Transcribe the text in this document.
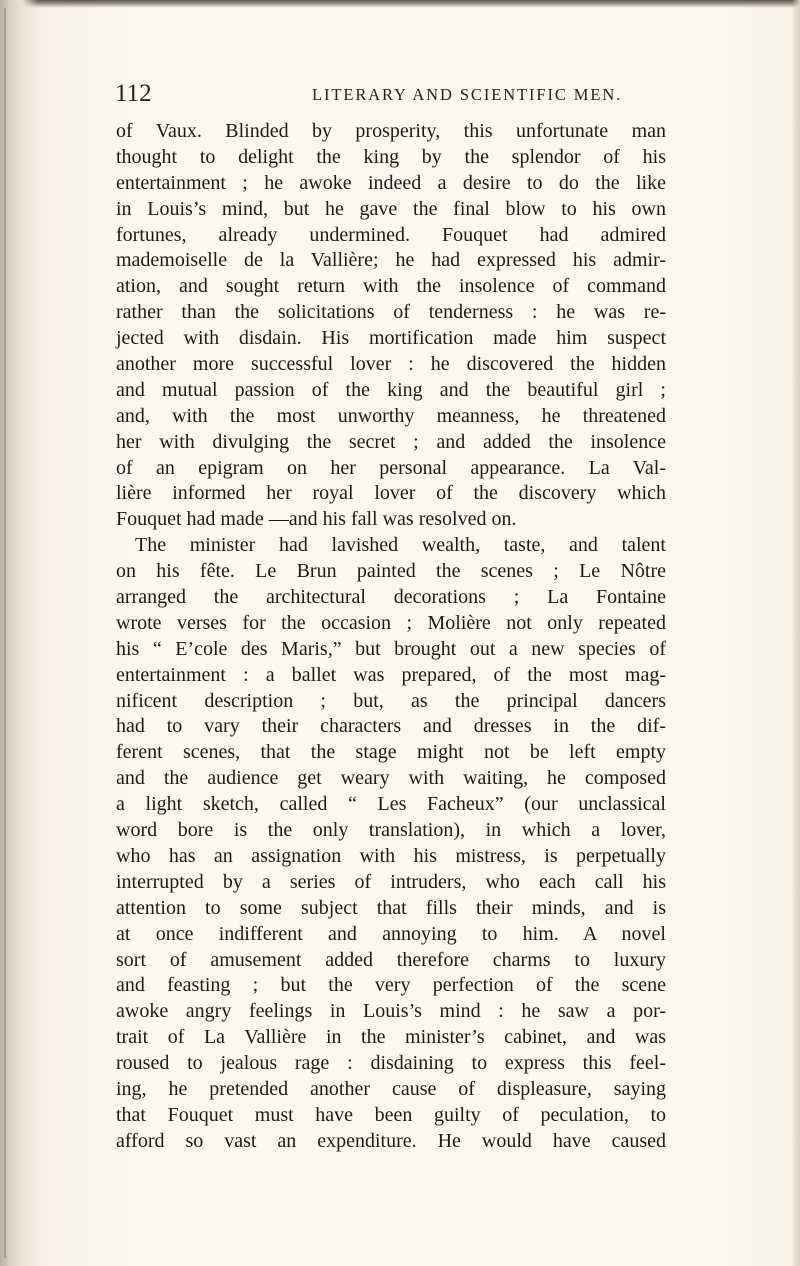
112	LITERARY AND SCIENTIFIC MEN.
of Vaux. Blinded by prosperity, this unfortunate man
thought to delight the king by the splendor of his
entertainment ; he awoke indeed a desire to do the like
in Louis’s mind, but he gave the final blow to his own
fortunes, already undermined. Fouquet had admired
mademoiselle de la Vallière; he had expressed his admir-
ation, and sought return with the insolence of command
rather than the solicitations of tenderness : he was re-
jected with disdain. His mortification made him suspect
another more successful lover : he discovered the hidden
and mutual passion of the king and the beautiful girl ;
and, with the most unworthy meanness, he threatened
her with divulging the secret ; and added the insolence
of an epigram on her personal appearance. La Val-
lière informed her royal lover of the discovery which
Fouquet had made —and his fall was resolved on.
The minister had lavished wealth, taste, and talent
on his fête. Le Brun painted the scenes ; Le Nôtre
arranged the architectural decorations ; La Fontaine
wrote verses for the occasion ; Molière not only repeated
his “ E’cole des Maris,” but brought out a new species of
entertainment : a ballet was prepared, of the most mag-
nificent description ; but, as the principal dancers
had to vary their characters and dresses in the dif-
ferent scenes, that the stage might not be left empty
and the audience get weary with waiting, he composed
a light sketch, called “ Les Facheux” (our unclassical
word bore is the only translation), in which a lover,
who has an assignation with his mistress, is perpetually
interrupted by a series of intruders, who each call his
attention to some subject that fills their minds, and is
at once indifferent and annoying to him. A novel
sort of amusement added therefore charms to luxury
and feasting ; but the very perfection of the scene
awoke angry feelings in Louis’s mind : he saw a por-
trait of La Vallière in the minister’s cabinet, and was
roused to jealous rage : disdaining to express this feel-
ing, he pretended another cause of displeasure, saying
that Fouquet must have been guilty of peculation, to
afford so vast an expenditure. He would have caused
